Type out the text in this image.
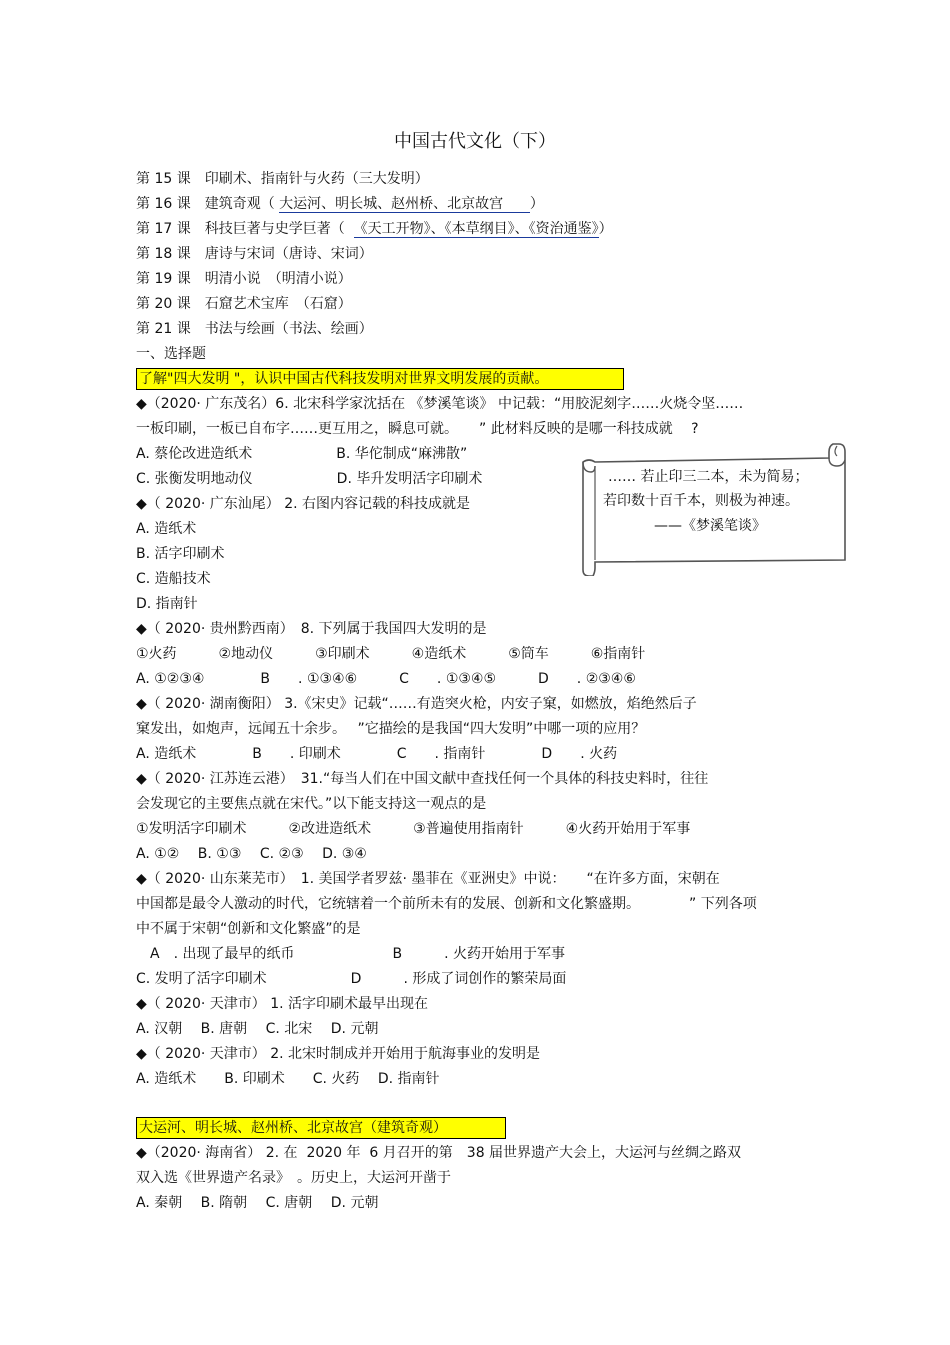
中国古代文化（下）
第 15 课　印刷术、指南针与火药（三大发明）
第 16 课　建筑奇观（ 大运河、明长城、赵州桥、北京故宫      ）
第 17 课　科技巨著与史学巨著（  《天工开物》、《本草纲目》、《资治通鉴》）
第 18 课　唐诗与宋词（唐诗、宋词）
第 19 课　明清小说　（明清小说）
第 20 课　石窟艺术宝库　（石窟）
第 21 课　书法与绘画（书法、绘画）
一、选择题
了解"四大发明 "，认识中国古代科技发明对世界文明发展的贡献。
◆（2020· 广东茂名）6. 北宋科学家沈括在 《梦溪笔谈》 中记载：“用胶泥刻字……火烧令坚……
一板印刷，一板已自布字……更互用之，瞬息可就。　　” 此材料反映的是哪一科技成就　 ?
A. 蔡伦改进造纸术　　　　　　B. 华佗制成“麻沸散”
C. 张衡发明地动仪　　　　　　D. 毕升发明活字印刷术
◆（ 2020· 广东汕尾） 2. 右图内容记载的科技成就是
A. 造纸术
B. 活字印刷术
C. 造船技术
D. 指南针
◆（ 2020· 贵州黔西南）　8. 下列属于我国四大发明的是
①火药　　　②地动仪　　　③印刷术　　　④造纸术　　　⑤筒车　　　⑥指南针
A. ①②③④　　　　B　　. ①③④⑥　　　C　　. ①③④⑤　　　D　　. ②③④⑥
◆（ 2020· 湖南衡阳） 3.《宋史》记载“……有造突火枪，内安子窠，如燃放，焰绝然后子
窠发出，如炮声，远闻五十余步。　 ”它描绘的是我国“四大发明”中哪一项的应用？
A. 造纸术　　　　B　　. 印刷术　　　　C　　. 指南针　　　　D　　. 火药
◆（ 2020· 江苏连云港）　31.“每当人们在中国文献中查找任何一个具体的科技史料时，往往
会发现它的主要焦点就在宋代。”以下能支持这一观点的是
①发明活字印刷术　　　②改进造纸术　　　③普遍使用指南针　　　④火药开始用于军事
A. ①②　 B. ①③　 C. ②③　 D. ③④
◆（ 2020· 山东莱芜市）　1. 美国学者罗兹· 墨菲在《亚洲史》中说：　　“在许多方面，宋朝在
中国都是最令人激动的时代，它统辖着一个前所未有的发展、创新和文化繁盛期。　　　　” 下列各项
中不属于宋朝“创新和文化繁盛”的是
　A　. 出现了最早的纸币　　　　　　　B　　　. 火药开始用于军事
C. 发明了活字印刷术　　　　　　D　　　. 形成了词创作的繁荣局面
◆（ 2020· 天津市） 1. 活字印刷术最早出现在
A. 汉朝　 B. 唐朝　 C. 北宋　 D. 元朝
◆（ 2020· 天津市） 2. 北宋时制成并开始用于航海事业的发明是
A. 造纸术　　B. 印刷术　　C. 火药　 D. 指南针
大运河、明长城、赵州桥、北京故宫（建筑奇观）
◆（2020· 海南省） 2. 在  2020 年  6 月召开的第　38 届世界遗产大会上，大运河与丝绸之路双
双入选《世界遗产名录》　。历史上，大运河开凿于
A. 秦朝　 B. 隋朝　 C. 唐朝　 D. 元朝
…… 若止印三二本，未为简易；
若印数十百千本，则极为神速。
——《梦溪笔谈》
